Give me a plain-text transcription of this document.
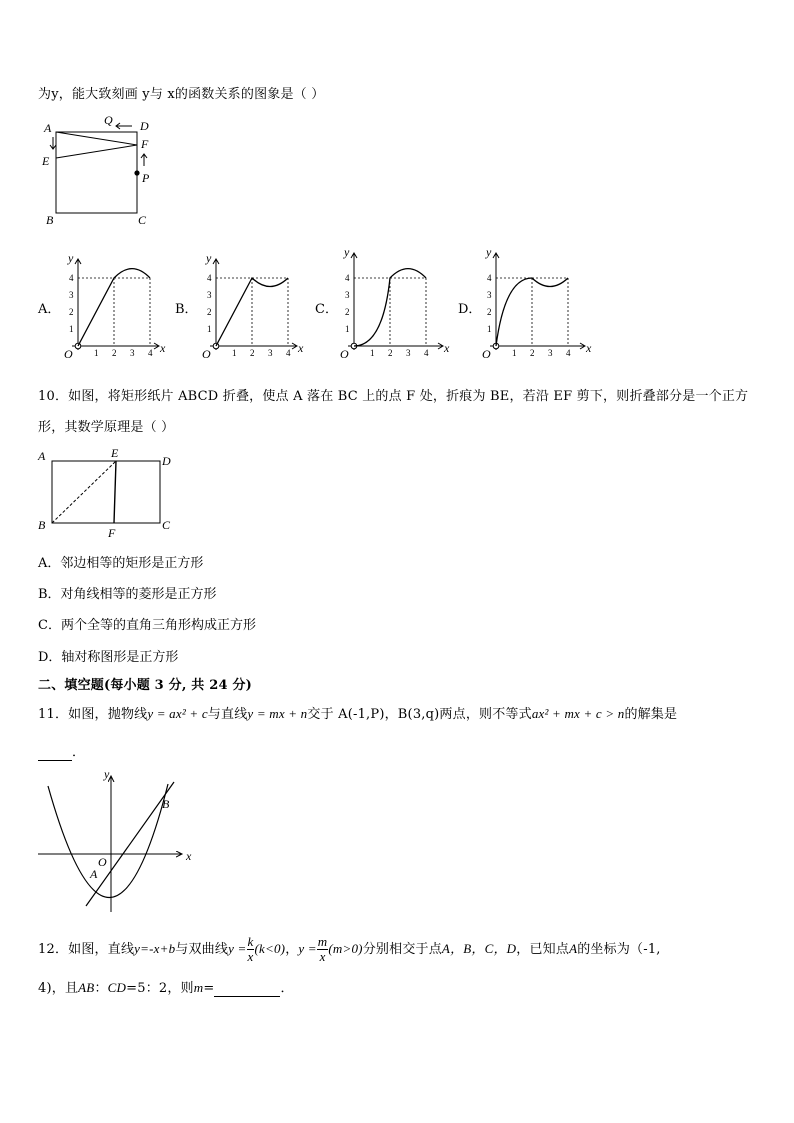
为y，能大致刻画 y与 x的函数关系的图象是（ ）
A	D
Q
E
F
P
B	C
A．	B．	C．	D．
1 2 3 4
1
2
3
4
x
y
O	1 2 3 4
1
2
3
4
x
y
O	1 2 3 4
1
2
3
4
x
y
O	1 2 3 4
1
2
3
4
x
y
O
10．如图，将矩形纸片 ABCD 折叠，使点 A 落在 BC 上的点 F 处，折痕为 BE，若沿 EF 剪下，则折叠部分是一个正方
形，其数学原理是（ ）
A	E
D
B
F
C
A．邻边相等的矩形是正方形
B．对角线相等的菱形是正方形
C．两个全等的直角三角形构成正方形
D．轴对称图形是正方形
二、填空题(每小题 3 分, 共 24 分)
11．如图，抛物线y = ax² + c与直线y = mx + n交于 A(-1,P)，B(3,q)两点，则不等式ax² + mx + c > n的解集是
．
y
x
O
A
B
12．如图，直线y=-x+b与双曲线$y = \frac{k}{x} (k<0)$，$y = \frac{m}{x} (m>0)$分别相交于点A，B，C，D，已知点A的坐标为（-1,
4)，且AB：CD=5：2，则m=	．
